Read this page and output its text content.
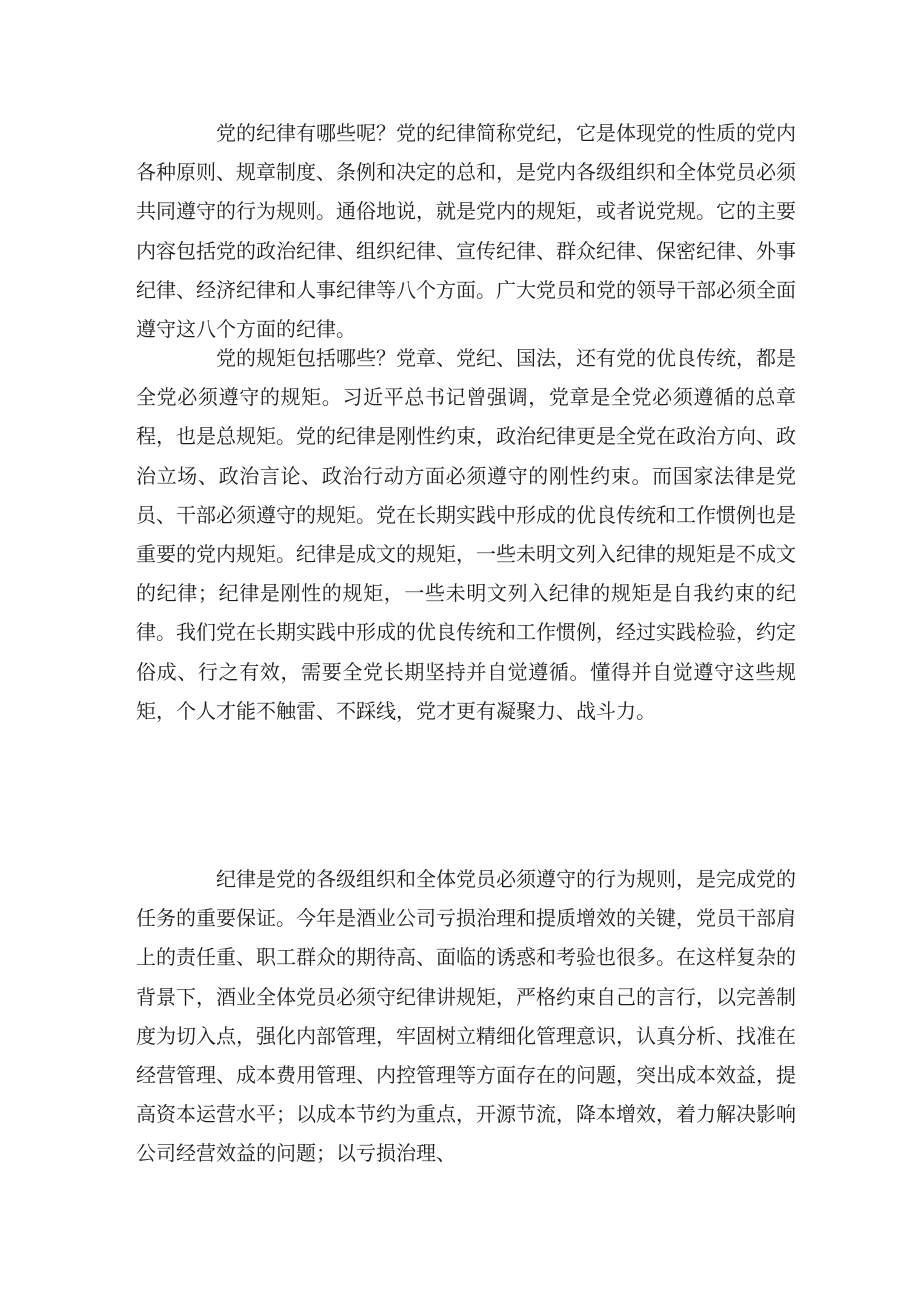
党的纪律有哪些呢？党的纪律简称党纪，它是体现党的性质的党内各种原则、规章制度、条例和决定的总和，是党内各级组织和全体党员必须共同遵守的行为规则。通俗地说，就是党内的规矩，或者说党规。它的主要内容包括党的政治纪律、组织纪律、宣传纪律、群众纪律、保密纪律、外事纪律、经济纪律和人事纪律等八个方面。广大党员和党的领导干部必须全面遵守这八个方面的纪律。

党的规矩包括哪些？党章、党纪、国法，还有党的优良传统，都是全党必须遵守的规矩。习近平总书记曾强调，党章是全党必须遵循的总章程，也是总规矩。党的纪律是刚性约束，政治纪律更是全党在政治方向、政治立场、政治言论、政治行动方面必须遵守的刚性约束。而国家法律是党员、干部必须遵守的规矩。党在长期实践中形成的优良传统和工作惯例也是重要的党内规矩。纪律是成文的规矩，一些未明文列入纪律的规矩是不成文的纪律；纪律是刚性的规矩，一些未明文列入纪律的规矩是自我约束的纪律。我们党在长期实践中形成的优良传统和工作惯例，经过实践检验，约定俗成、行之有效，需要全党长期坚持并自觉遵循。懂得并自觉遵守这些规矩，个人才能不触雷、不踩线，党才更有凝聚力、战斗力。

纪律是党的各级组织和全体党员必须遵守的行为规则，是完成党的任务的重要保证。今年是酒业公司亏损治理和提质增效的关键，党员干部肩上的责任重、职工群众的期待高、面临的诱惑和考验也很多。在这样复杂的背景下，酒业全体党员必须守纪律讲规矩，严格约束自己的言行，以完善制度为切入点，强化内部管理，牢固树立精细化管理意识，认真分析、找准在经营管理、成本费用管理、内控管理等方面存在的问题，突出成本效益，提高资本运营水平；以成本节约为重点，开源节流，降本增效，着力解决影响公司经营效益的问题；以亏损治理、
